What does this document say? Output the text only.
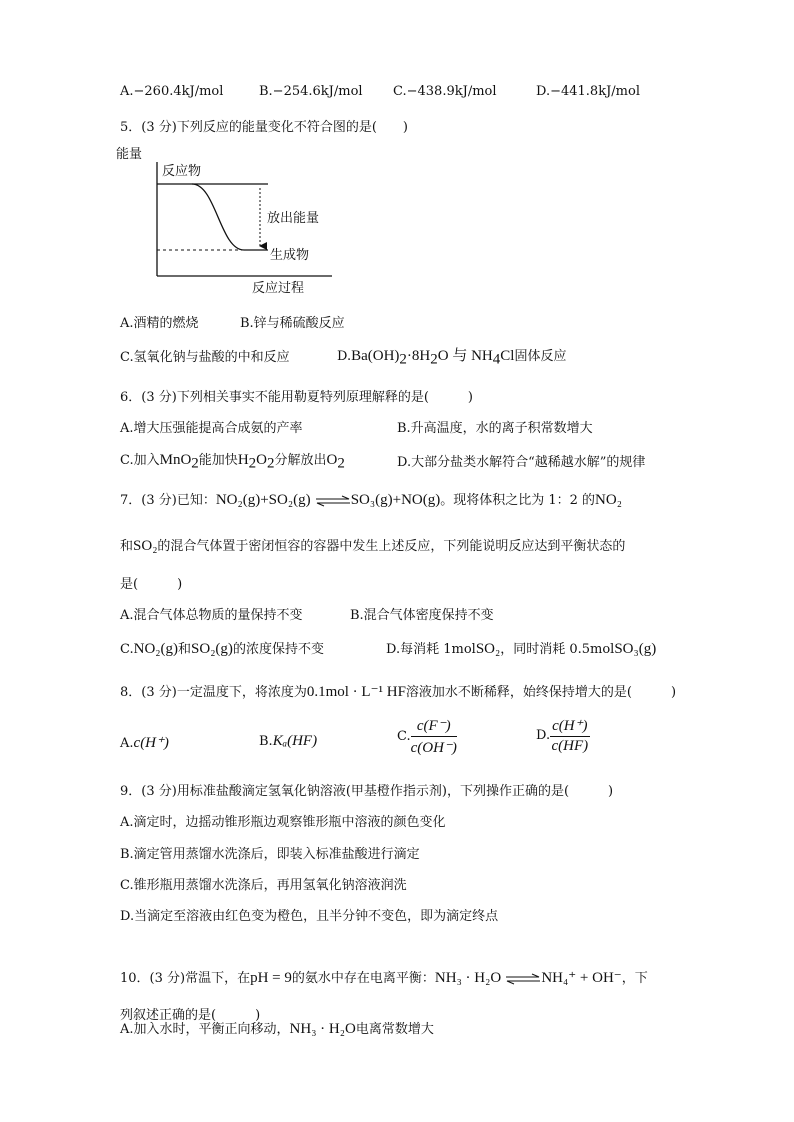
A.−260.4kJ/mol	B.−254.6kJ/mol C.−438.9kJ/mol	D.−441.8kJ/mol
5．(3 分)下列反应的能量变化不符合图的是(　　)
能量
反应物
放出能量
生成物
反应过程
A.酒精的燃烧	B.锌与稀硫酸反应
C.氢氧化钠与盐酸的中和反应	$D.Ba(OH)_2\cdot 8H_2O$ 与 $NH_4Cl$固体反应
6．(3 分)下列相关事实不能用勒夏特列原理解释的是(　　　)
A.增大压强能提高合成氨的产率	B.升高温度，水的离子积常数增大
C.加入MnO$_2$能加快$H_2O_2$分解放出$O_2$	D.大部分盐类水解符合“越稀越水解”的规律
7．(3 分)已知：NO₂(g)+SO₂(g) ⇌SO₃(g)+NO(g)。现将体积之比为 1：2 的NO₂
和SO₂的混合气体置于密闭恒容的容器中发生上述反应，下列能说明反应达到平衡状态的
是(　　　)
A.混合气体总物质的量保持不变	B.混合气体密度保持不变
C.NO₂(g)和SO₂(g)的浓度保持不变	D.每消耗 1molSO₂，同时消耗 0.5molSO₃(g)
8．(3 分)一定温度下，将浓度为0.1mol · L⁻¹ HF溶液加水不断稀释，始终保持增大的是(　　　)
A.c(H⁺)	B.Kₐ(HF)	C. $\frac{c(F^-)}{c(OH^-)}$	D. $\frac{c(H^+)}{c(HF)}$
9．(3 分)用标准盐酸滴定氢氧化钠溶液(甲基橙作指示剂)，下列操作正确的是(　　　)
A.滴定时，边摇动锥形瓶边观察锥形瓶中溶液的颜色变化
B.滴定管用蒸馏水洗涤后，即装入标准盐酸进行滴定
C.锥形瓶用蒸馏水洗涤后，再用氢氧化钠溶液润洗
D.当滴定至溶液由红色变为橙色，且半分钟不变色，即为滴定终点
10．(3 分)常温下，在pH = 9的氨水中存在电离平衡：NH₃ · H₂O ⇌NH₄⁺ + OH⁻，下
列叙述正确的是(　　　)
A.加入水时，平衡正向移动，NH₃ · H₂O电离常数增大
